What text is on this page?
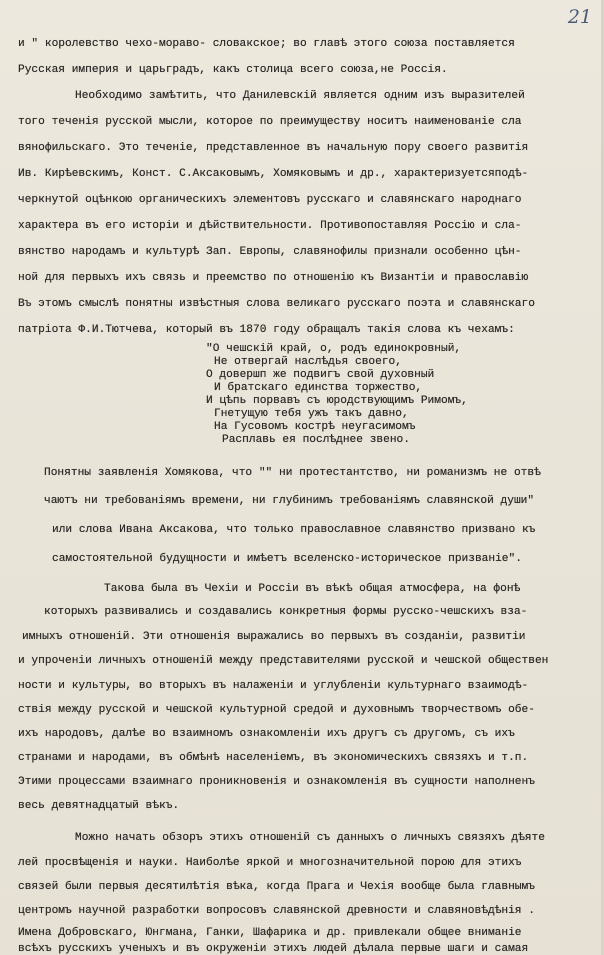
21
и " королевство чехо-мораво- словакское; во главѣ этого союза поставляется
Русская империя и царьградъ, какъ столица всего союза,не Россія.
Необходимо замѣтить, что Данилевскій является одним изъ выразителей
того теченія русской мысли, которое по преимуществу носитъ наименованіе сла
вянофильскаго. Это теченіе, представленное въ начальную пору своего развитія
Ив. Кирѣевскимъ, Конст. С.Аксаковымъ, Хомяковымъ и др., характеризуетсяподѣ-
черкнутой оцѣнкою органическихъ элементовъ русскаго и славянскаго народнаго
характера въ его исторіи и дѣйствительности. Противопоставляя Россію и сла-
вянство народамъ и культурѣ Зап. Европы, славянофилы признали особенно цѣн-
ной для первыхъ ихъ связь и преемство по отношенію къ Византіи и православію
Въ этомъ смыслѣ понятны извѣстныя слова великаго русскаго поэта и славянскаго
патріота Ф.И.Тютчева, который въ 1870 году обращалъ такія слова къ чехамъ:
"О чешскій край, о, родъ единокровный,
Не отвергай наслѣдья своего,
О довершп же подвигъ свой духовный
И братскаго единства торжество,
И цѣпь порвавъ съ юродствующимъ Римомъ,
Гнетущую тебя ужъ такъ давно,
На Гусовомъ кострѣ неугасимомъ
Расплавь ея послѣднее звено.
Понятны заявленія Хомякова, что "" ни протестантство, ни романизмъ не отвѣ
чаютъ ни требованіямъ времени, ни глубинимъ требованіямъ славянской души"
или слова Ивана Аксакова, что только православное славянство призвано къ
самостоятельной будущности и имѣетъ вселенско-историческое призваніе".
Такова была въ Чехіи и Россіи въ вѣкѣ общая атмосфера, на фонѣ
которыхъ развивались и создавались конкретныя формы русско-чешскихъ вза-
имныхъ отношеній. Эти отношенія выражались во первыхъ въ созданіи, развитіи
и упроченіи личныхъ отношеній между представителями русской и чешской обществен
ности и культуры, во вторыхъ въ налаженіи и углубленіи культурнаго взаимодѣ-
ствія между русской и чешской культурной средой и духовнымъ творчествомъ обе-
ихъ народовъ, далѣе во взаимномъ ознакомленіи ихъ другъ съ другомъ, съ ихъ
странами и народами, въ обмѣнѣ населеніемъ, въ экономическихъ связяхъ и т.п.
Этими процессами взаимнаго проникновенія и ознакомленія въ сущности наполненъ
весь девятнадцатый вѣкъ.
Можно начать обзоръ этихъ отношеній съ данныхъ о личныхъ связяхъ дѣяте
лей просвѣщенія и науки. Наиболѣе яркой и многозначительной порою для этихъ
связей были первыя десятилѣтія вѣка, когда Прага и Чехія вообще была главнымъ
центромъ научной разработки вопросовъ славянской древности и славяновѣдѣнія .
Имена Добровскаго, Юнгмана, Ганки, Шафарика и др. привлекали общее вниманіе
всѣхъ русскихъ ученыхъ и въ окруженіи этихъ людей дѣлала первые шаги и самая
